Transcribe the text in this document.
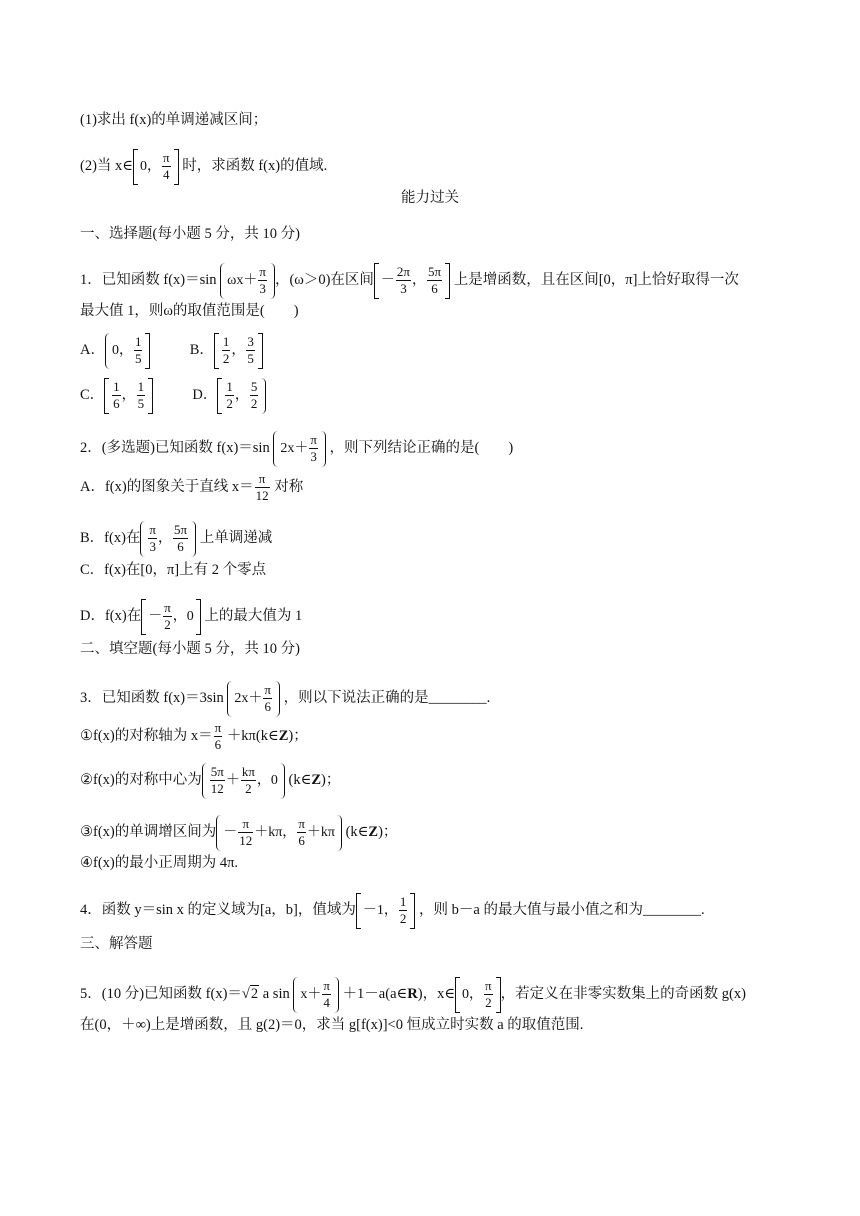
(1)求出 f(x)的单调递减区间；
(2)当 x∈ 0， $\frac{\pi}{4}$ 时，求函数 f(x)的值域.
能力过关
一、选择题(每小题 5 分，共 10 分)
1．已知函数 f(x)＝sin $\omega x+ \frac{\pi}{3}$ ，(ω＞0)在区间 － $\frac{2\pi}{3}$ ， $\frac{5\pi}{6}$ 上是增函数，且在区间[0，π]上恰好取得一次
最大值 1，则ω的取值范围是(　　)
A． 0， $\frac{1}{5}$	B． $\frac{1}{2}$ ， $\frac{3}{5}$
C． $\frac{1}{6}$ ， $\frac{1}{5}$	D． $\frac{1}{2}$ ， $\frac{5}{2}$
2．(多选题)已知函数 f(x)＝sin $2x+ \frac{\pi}{3}$ ，则下列结论正确的是(　　)
A．f(x)的图象关于直线 $x= \frac{\pi}{12}$ 对称
B．f(x)在 $\frac{\pi}{3}$ ， $\frac{5\pi}{6}$ 上单调递减
C．f(x)在[0，π]上有 2 个零点
D．f(x)在 － $\frac{\pi}{2}$ ，0 上的最大值为 1
二、填空题(每小题 5 分，共 10 分)
3．已知函数 f(x)＝3sin $2x+ \frac{\pi}{6}$ ，则以下说法正确的是________.
①f(x)的对称轴为 $x= \frac{\pi}{6}$ ＋kπ(k∈Z)；
②f(x)的对称中心为 $\frac{5\pi}{12} + \frac{k\pi}{2}$ ，0 (k∈Z)；
③f(x)的单调增区间为 － $\frac{\pi}{12} +k\pi$， $\frac{\pi}{6} +k\pi$ (k∈Z)；
④f(x)的最小正周期为 4π.
4．函数 y＝sin x 的定义域为[a，b]，值域为 －1， $\frac{1}{2}$ ，则 b－a 的最大值与最小值之和为________.
三、解答题
5．(10 分)已知函数 f(x)＝√2 a $\sin x+ \frac{\pi}{4}$ ＋1－a(a∈R)，x∈ 0， $\frac{\pi}{2}$ ，若定义在非零实数集上的奇函数 g(x)
在(0，＋∞)上是增函数，且 g(2)＝0，求当 g[f(x)]<0 恒成立时实数 a 的取值范围.
